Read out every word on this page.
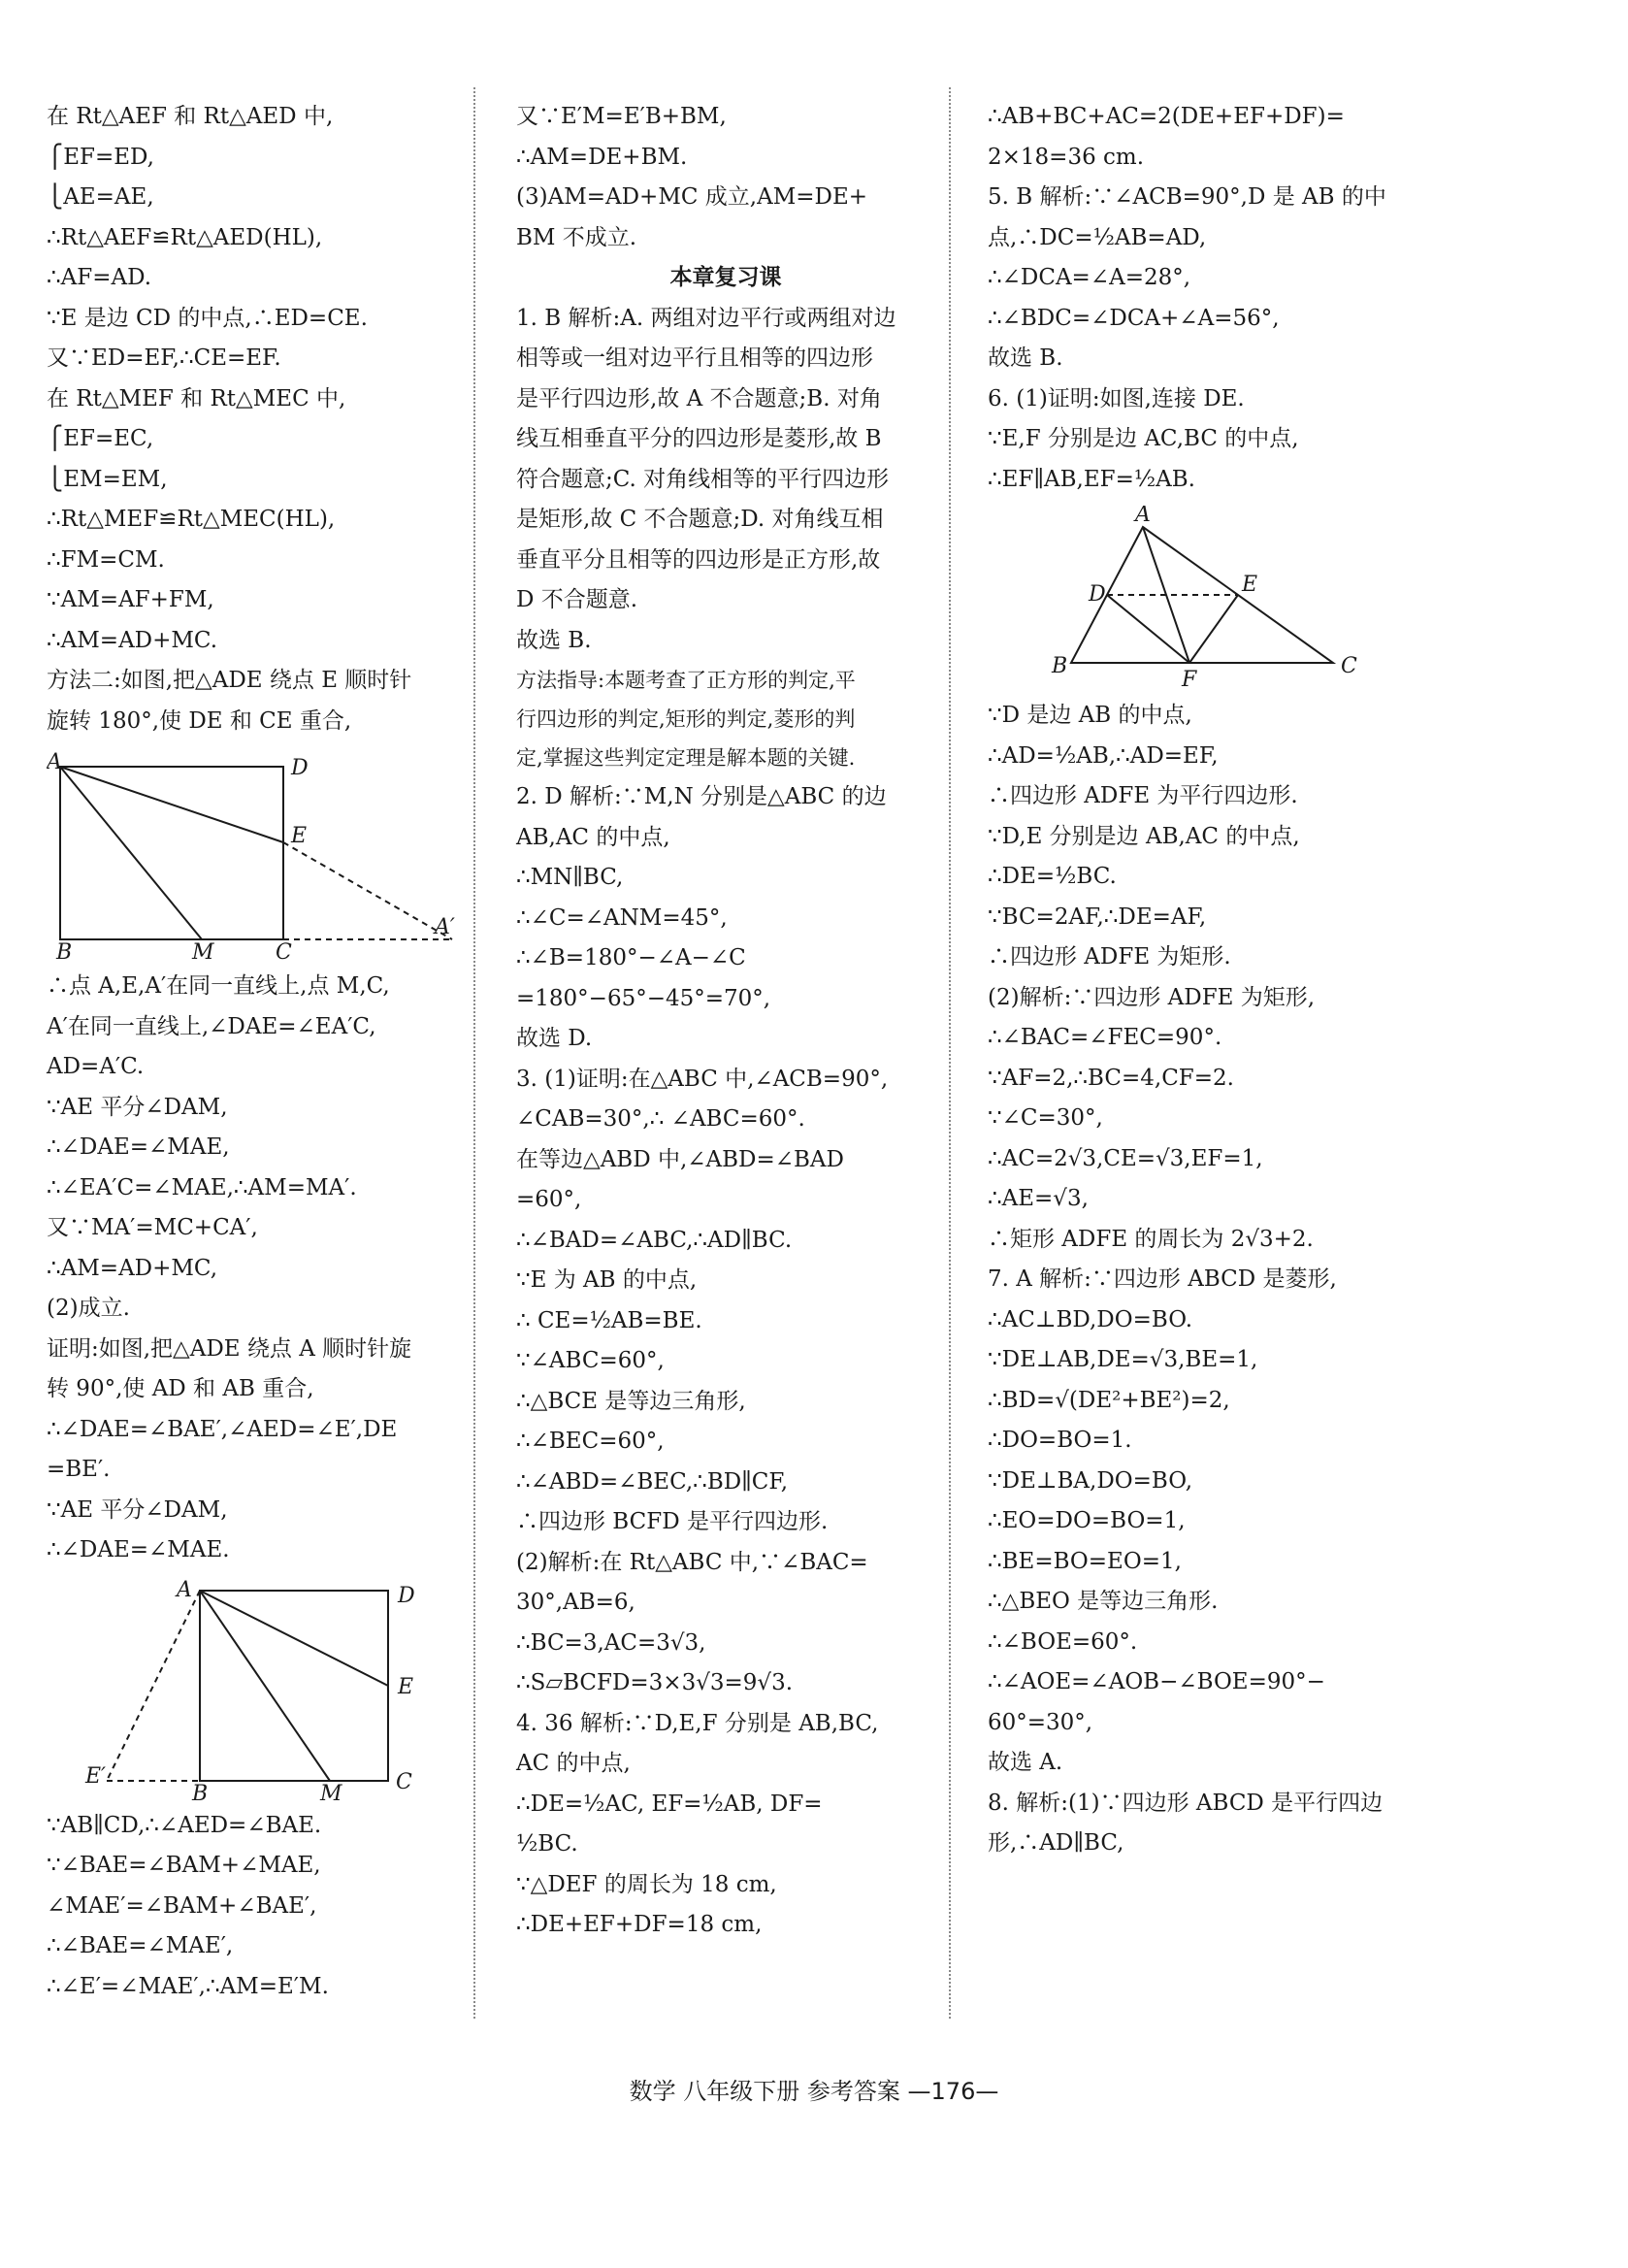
在 Rt△AEF 和 Rt△AED 中,
⎧EF=ED,
⎩AE=AE,
∴Rt△AEF≌Rt△AED(HL),
∴AF=AD.
∵E 是边 CD 的中点,∴ED=CE.
又∵ED=EF,∴CE=EF.
在 Rt△MEF 和 Rt△MEC 中,
⎧EF=EC,
⎩EM=EM,
∴Rt△MEF≌Rt△MEC(HL),
∴FM=CM.
∵AM=AF+FM,
∴AM=AD+MC.
方法二:如图,把△ADE 绕点 E 顺时针
旋转 180°,使 DE 和 CE 重合,
A	D
E
A′
B	M	C
∴点 A,E,A′在同一直线上,点 M,C,
A′在同一直线上,∠DAE=∠EA′C,
AD=A′C.
∵AE 平分∠DAM,
∴∠DAE=∠MAE,
∴∠EA′C=∠MAE,∴AM=MA′.
又∵MA′=MC+CA′,
∴AM=AD+MC,
(2)成立.
证明:如图,把△ADE 绕点 A 顺时针旋
转 90°,使 AD 和 AB 重合,
∴∠DAE=∠BAE′,∠AED=∠E′,DE
=BE′.
∵AE 平分∠DAM,
∴∠DAE=∠MAE.
A	D
E
E′
B	M	C
∵AB∥CD,∴∠AED=∠BAE.
∵∠BAE=∠BAM+∠MAE,
∠MAE′=∠BAM+∠BAE′,
∴∠BAE=∠MAE′,
∴∠E′=∠MAE′,∴AM=E′M.
又∵E′M=E′B+BM,
∴AM=DE+BM.
(3)AM=AD+MC 成立,AM=DE+
BM 不成立.
本章复习课
1. B 解析:A. 两组对边平行或两组对边
相等或一组对边平行且相等的四边形
是平行四边形,故 A 不合题意;B. 对角
线互相垂直平分的四边形是菱形,故 B
符合题意;C. 对角线相等的平行四边形
是矩形,故 C 不合题意;D. 对角线互相
垂直平分且相等的四边形是正方形,故
D 不合题意.
故选 B.
方法指导:本题考查了正方形的判定,平
行四边形的判定,矩形的判定,菱形的判
定,掌握这些判定定理是解本题的关键.
2. D 解析:∵M,N 分别是△ABC 的边
AB,AC 的中点,
∴MN∥BC,
∴∠C=∠ANM=45°,
∴∠B=180°−∠A−∠C
=180°−65°−45°=70°,
故选 D.
3. (1)证明:在△ABC 中,∠ACB=90°,
∠CAB=30°,∴ ∠ABC=60°.
在等边△ABD 中,∠ABD=∠BAD
=60°,
∴∠BAD=∠ABC,∴AD∥BC.
∵E 为 AB 的中点,
∴ CE=½AB=BE.
∵∠ABC=60°,
∴△BCE 是等边三角形,
∴∠BEC=60°,
∴∠ABD=∠BEC,∴BD∥CF,
∴四边形 BCFD 是平行四边形.
(2)解析:在 Rt△ABC 中,∵∠BAC=
30°,AB=6,
∴BC=3,AC=3√3,
∴S▱BCFD=3×3√3=9√3.
4. 36 解析:∵D,E,F 分别是 AB,BC,
AC 的中点,
∴DE=½AC, EF=½AB, DF=
½BC.
∵△DEF 的周长为 18 cm,
∴DE+EF+DF=18 cm,
∴AB+BC+AC=2(DE+EF+DF)=
2×18=36 cm.
5. B 解析:∵∠ACB=90°,D 是 AB 的中
点,∴DC=½AB=AD,
∴∠DCA=∠A=28°,
∴∠BDC=∠DCA+∠A=56°,
故选 B.
6. (1)证明:如图,连接 DE.
∵E,F 分别是边 AC,BC 的中点,
∴EF∥AB,EF=½AB.
A
D	E
B
F
C
∵D 是边 AB 的中点,
∴AD=½AB,∴AD=EF,
∴四边形 ADFE 为平行四边形.
∵D,E 分别是边 AB,AC 的中点,
∴DE=½BC.
∵BC=2AF,∴DE=AF,
∴四边形 ADFE 为矩形.
(2)解析:∵四边形 ADFE 为矩形,
∴∠BAC=∠FEC=90°.
∵AF=2,∴BC=4,CF=2.
∵∠C=30°,
∴AC=2√3,CE=√3,EF=1,
∴AE=√3,
∴矩形 ADFE 的周长为 2√3+2.
7. A 解析:∵四边形 ABCD 是菱形,
∴AC⊥BD,DO=BO.
∵DE⊥AB,DE=√3,BE=1,
∴BD=√(DE²+BE²)=2,
∴DO=BO=1.
∵DE⊥BA,DO=BO,
∴EO=DO=BO=1,
∴BE=BO=EO=1,
∴△BEO 是等边三角形.
∴∠BOE=60°.
∴∠AOE=∠AOB−∠BOE=90°−
60°=30°,
故选 A.
8. 解析:(1)∵四边形 ABCD 是平行四边
形,∴AD∥BC,
数学 八年级下册 参考答案 —176—
